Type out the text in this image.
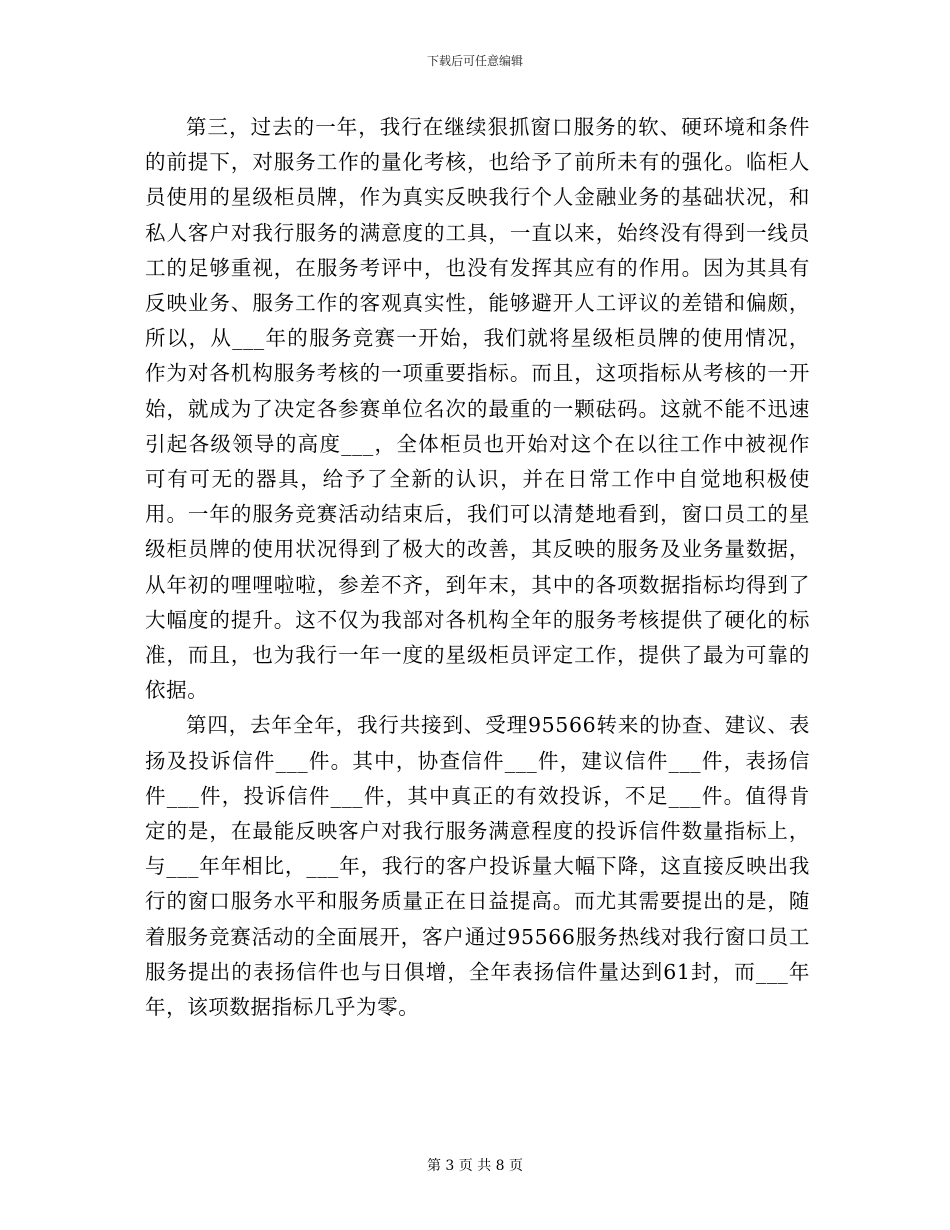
下载后可任意编辑

第三，过去的一年，我行在继续狠抓窗口服务的软、硬环境和条件的前提下，对服务工作的量化考核，也给予了前所未有的强化。临柜人员使用的星级柜员牌，作为真实反映我行个人金融业务的基础状况，和私人客户对我行服务的满意度的工具，一直以来，始终没有得到一线员工的足够重视，在服务考评中，也没有发挥其应有的作用。因为其具有反映业务、服务工作的客观真实性，能够避开人工评议的差错和偏颇，所以，从___年的服务竞赛一开始，我们就将星级柜员牌的使用情况，作为对各机构服务考核的一项重要指标。而且，这项指标从考核的一开始，就成为了决定各参赛单位名次的最重的一颗砝码。这就不能不迅速引起各级领导的高度___，全体柜员也开始对这个在以往工作中被视作可有可无的器具，给予了全新的认识，并在日常工作中自觉地积极使用。一年的服务竞赛活动结束后，我们可以清楚地看到，窗口员工的星级柜员牌的使用状况得到了极大的改善，其反映的服务及业务量数据，从年初的哩哩啦啦，参差不齐，到年末，其中的各项数据指标均得到了大幅度的提升。这不仅为我部对各机构全年的服务考核提供了硬化的标准，而且，也为我行一年一度的星级柜员评定工作，提供了最为可靠的依据。

第四，去年全年，我行共接到、受理95566转来的协查、建议、表扬及投诉信件___件。其中，协查信件___件，建议信件___件，表扬信件___件，投诉信件___件，其中真正的有效投诉，不足___件。值得肯定的是，在最能反映客户对我行服务满意程度的投诉信件数量指标上，与___年年相比，___年，我行的客户投诉量大幅下降，这直接反映出我行的窗口服务水平和服务质量正在日益提高。而尤其需要提出的是，随着服务竞赛活动的全面展开，客户通过95566服务热线对我行窗口员工服务提出的表扬信件也与日俱增，全年表扬信件量达到61封，而___年年，该项数据指标几乎为零。

第 3 页 共 8 页
